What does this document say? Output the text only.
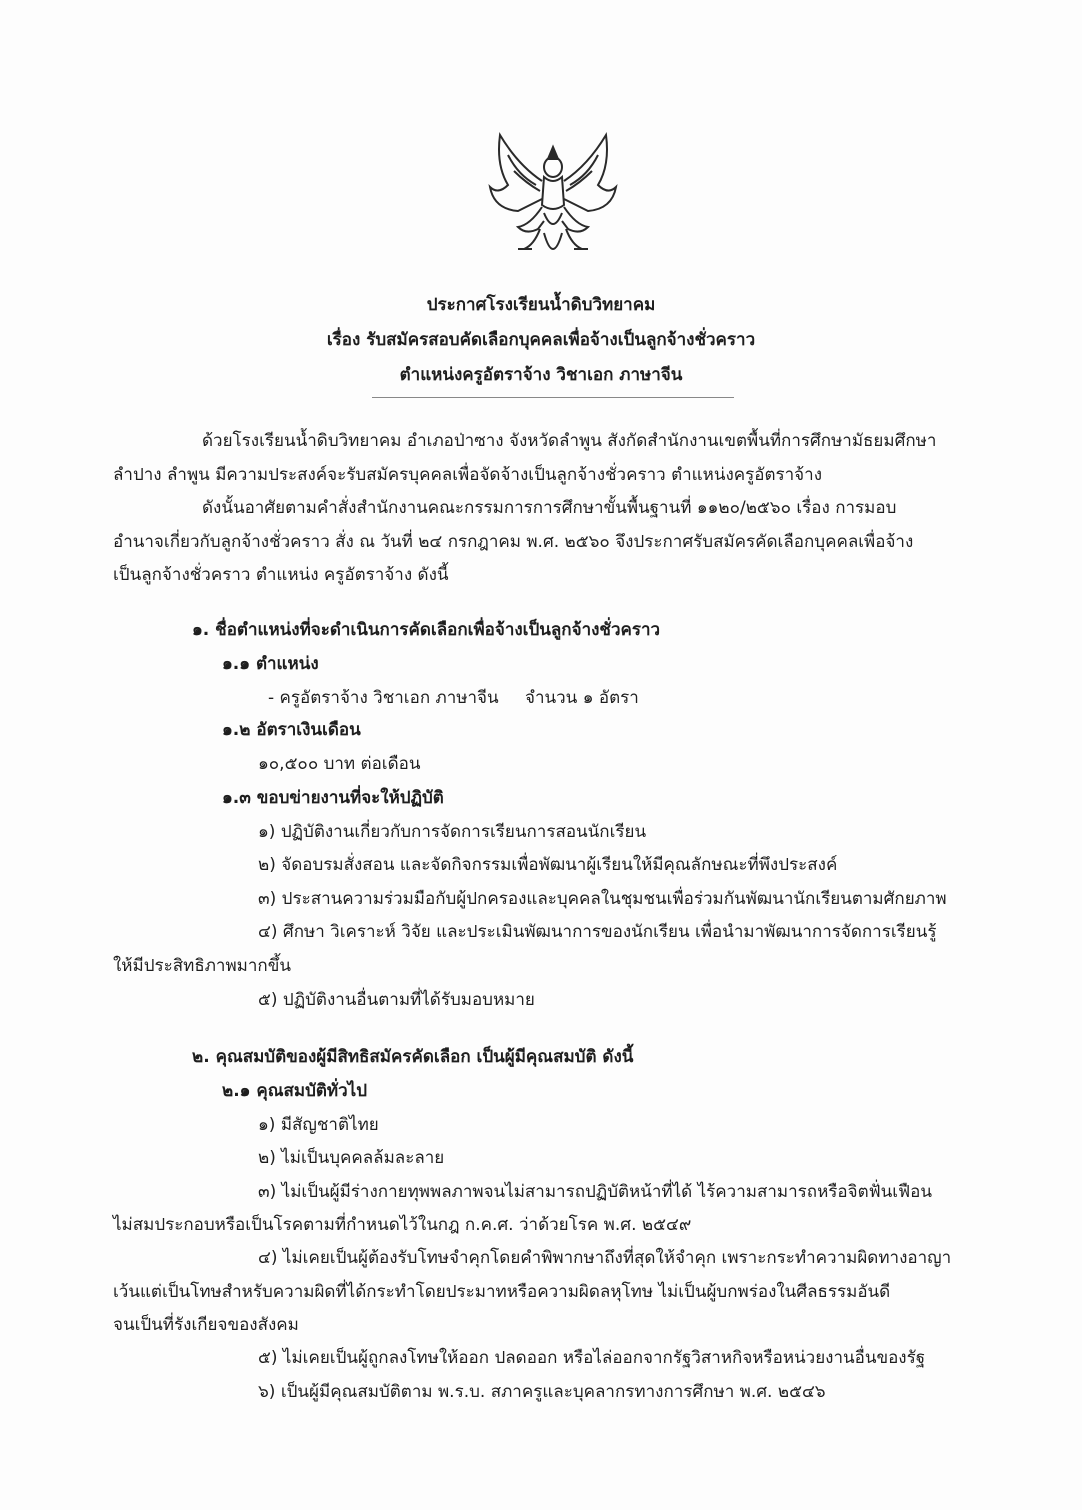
ประกาศโรงเรียนน้ำดิบวิทยาคม
เรื่อง รับสมัครสอบคัดเลือกบุคคลเพื่อจ้างเป็นลูกจ้างชั่วคราว
ตำแหน่งครูอัตราจ้าง วิชาเอก ภาษาจีน
ด้วยโรงเรียนน้ำดิบวิทยาคม อำเภอป่าซาง จังหวัดลำพูน สังกัดสำนักงานเขตพื้นที่การศึกษามัธยมศึกษา
ลำปาง ลำพูน มีความประสงค์จะรับสมัครบุคคลเพื่อจัดจ้างเป็นลูกจ้างชั่วคราว ตำแหน่งครูอัตราจ้าง
ดังนั้นอาศัยตามคำสั่งสำนักงานคณะกรรมการการศึกษาขั้นพื้นฐานที่ ๑๑๒๐/๒๕๖๐ เรื่อง การมอบ
อำนาจเกี่ยวกับลูกจ้างชั่วคราว สั่ง ณ วันที่ ๒๔ กรกฎาคม พ.ศ. ๒๕๖๐ จึงประกาศรับสมัครคัดเลือกบุคคลเพื่อจ้าง
เป็นลูกจ้างชั่วคราว ตำแหน่ง ครูอัตราจ้าง ดังนี้
๑. ชื่อตำแหน่งที่จะดำเนินการคัดเลือกเพื่อจ้างเป็นลูกจ้างชั่วคราว
๑.๑ ตำแหน่ง
- ครูอัตราจ้าง วิชาเอก ภาษาจีน จำนวน ๑ อัตรา
๑.๒ อัตราเงินเดือน
๑๐,๕๐๐ บาท ต่อเดือน
๑.๓ ขอบข่ายงานที่จะให้ปฏิบัติ
๑) ปฏิบัติงานเกี่ยวกับการจัดการเรียนการสอนนักเรียน
๒) จัดอบรมสั่งสอน และจัดกิจกรรมเพื่อพัฒนาผู้เรียนให้มีคุณลักษณะที่พึงประสงค์
๓) ประสานความร่วมมือกับผู้ปกครองและบุคคลในชุมชนเพื่อร่วมกันพัฒนานักเรียนตามศักยภาพ
๔) ศึกษา วิเคราะห์ วิจัย และประเมินพัฒนาการของนักเรียน เพื่อนำมาพัฒนาการจัดการเรียนรู้
ให้มีประสิทธิภาพมากขึ้น
๕) ปฏิบัติงานอื่นตามที่ได้รับมอบหมาย
๒. คุณสมบัติของผู้มีสิทธิสมัครคัดเลือก เป็นผู้มีคุณสมบัติ ดังนี้
๒.๑ คุณสมบัติทั่วไป
๑) มีสัญชาติไทย
๒) ไม่เป็นบุคคลล้มละลาย
๓) ไม่เป็นผู้มีร่างกายทุพพลภาพจนไม่สามารถปฏิบัติหน้าที่ได้ ไร้ความสามารถหรือจิตฟั่นเฟือน
ไม่สมประกอบหรือเป็นโรคตามที่กำหนดไว้ในกฎ ก.ค.ศ. ว่าด้วยโรค พ.ศ. ๒๕๔๙
๔) ไม่เคยเป็นผู้ต้องรับโทษจำคุกโดยคำพิพากษาถึงที่สุดให้จำคุก เพราะกระทำความผิดทางอาญา
เว้นแต่เป็นโทษสำหรับความผิดที่ได้กระทำโดยประมาทหรือความผิดลหุโทษ ไม่เป็นผู้บกพร่องในศีลธรรมอันดี
จนเป็นที่รังเกียจของสังคม
๕) ไม่เคยเป็นผู้ถูกลงโทษให้ออก ปลดออก หรือไล่ออกจากรัฐวิสาหกิจหรือหน่วยงานอื่นของรัฐ
๖) เป็นผู้มีคุณสมบัติตาม พ.ร.บ. สภาครูและบุคลากรทางการศึกษา พ.ศ. ๒๕๔๖
